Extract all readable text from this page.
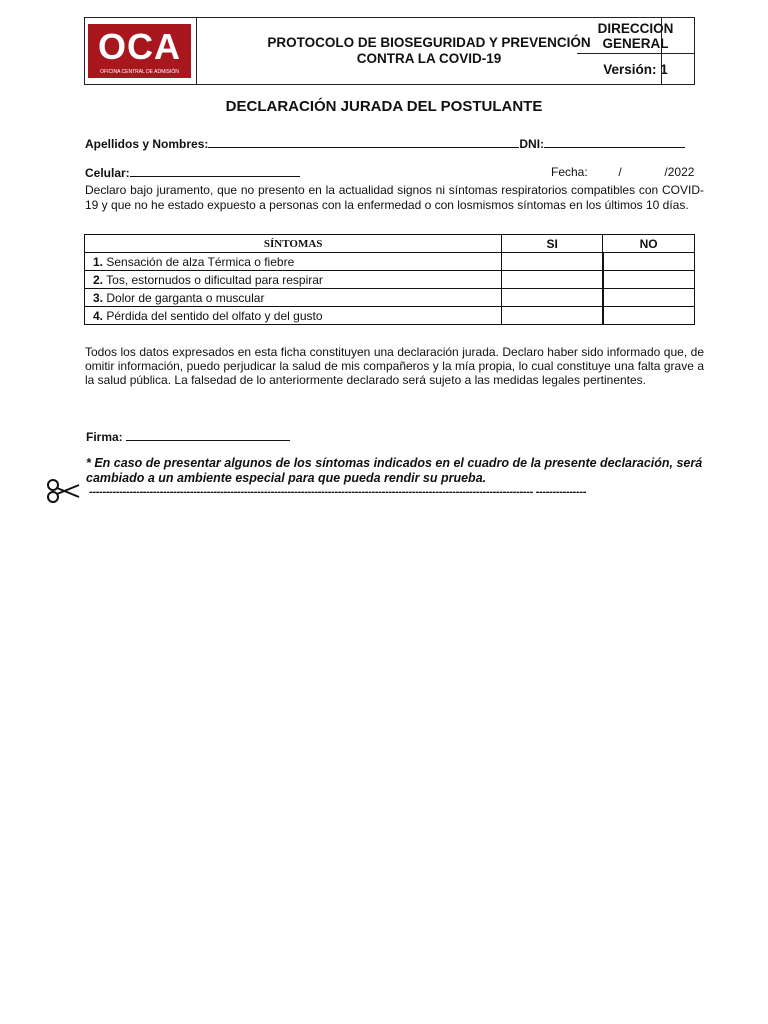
OCA
OFICINA CENTRAL DE ADMISIÓN
PROTOCOLO DE BIOSEGURIDAD Y PREVENCIÓN
CONTRA LA COVID-19
DIRECCION
GENERAL
Versión: 1
DECLARACIÓN JURADA DEL POSTULANTE
Apellidos y Nombres:	DNI:
Celular:	Fecha:	/	/2022
Declaro bajo juramento, que no presento en la actualidad signos ni síntomas respiratorios compatibles con COVID-19 y que no he estado expuesto a personas con la enfermedad o con losmismos síntomas en los últimos 10 días.
SÍNTOMAS	SI	NO
1. Sensación de alza Térmica o fiebre		
2. Tos, estornudos o dificultad para respirar		
3. Dolor de garganta o muscular		
4. Pérdida del sentido del olfato y del gusto		
Todos los datos expresados en esta ficha constituyen una declaración jurada. Declaro haber sido informado que, de omitir información, puedo perjudicar la salud de mis compañeros y la mía propia, lo cual constituye una falta grave a la salud pública. La falsedad de lo anteriormente declarado será sujeto a las medidas legales pertinentes.
Firma:
* En caso de presentar algunos de los síntomas indicados en el cuadro de la presente declaración, será cambiado a un ambiente especial para que pueda rendir su prueba.
------------------------------------------------------------------------------------------------------------------------------------ ---------------
